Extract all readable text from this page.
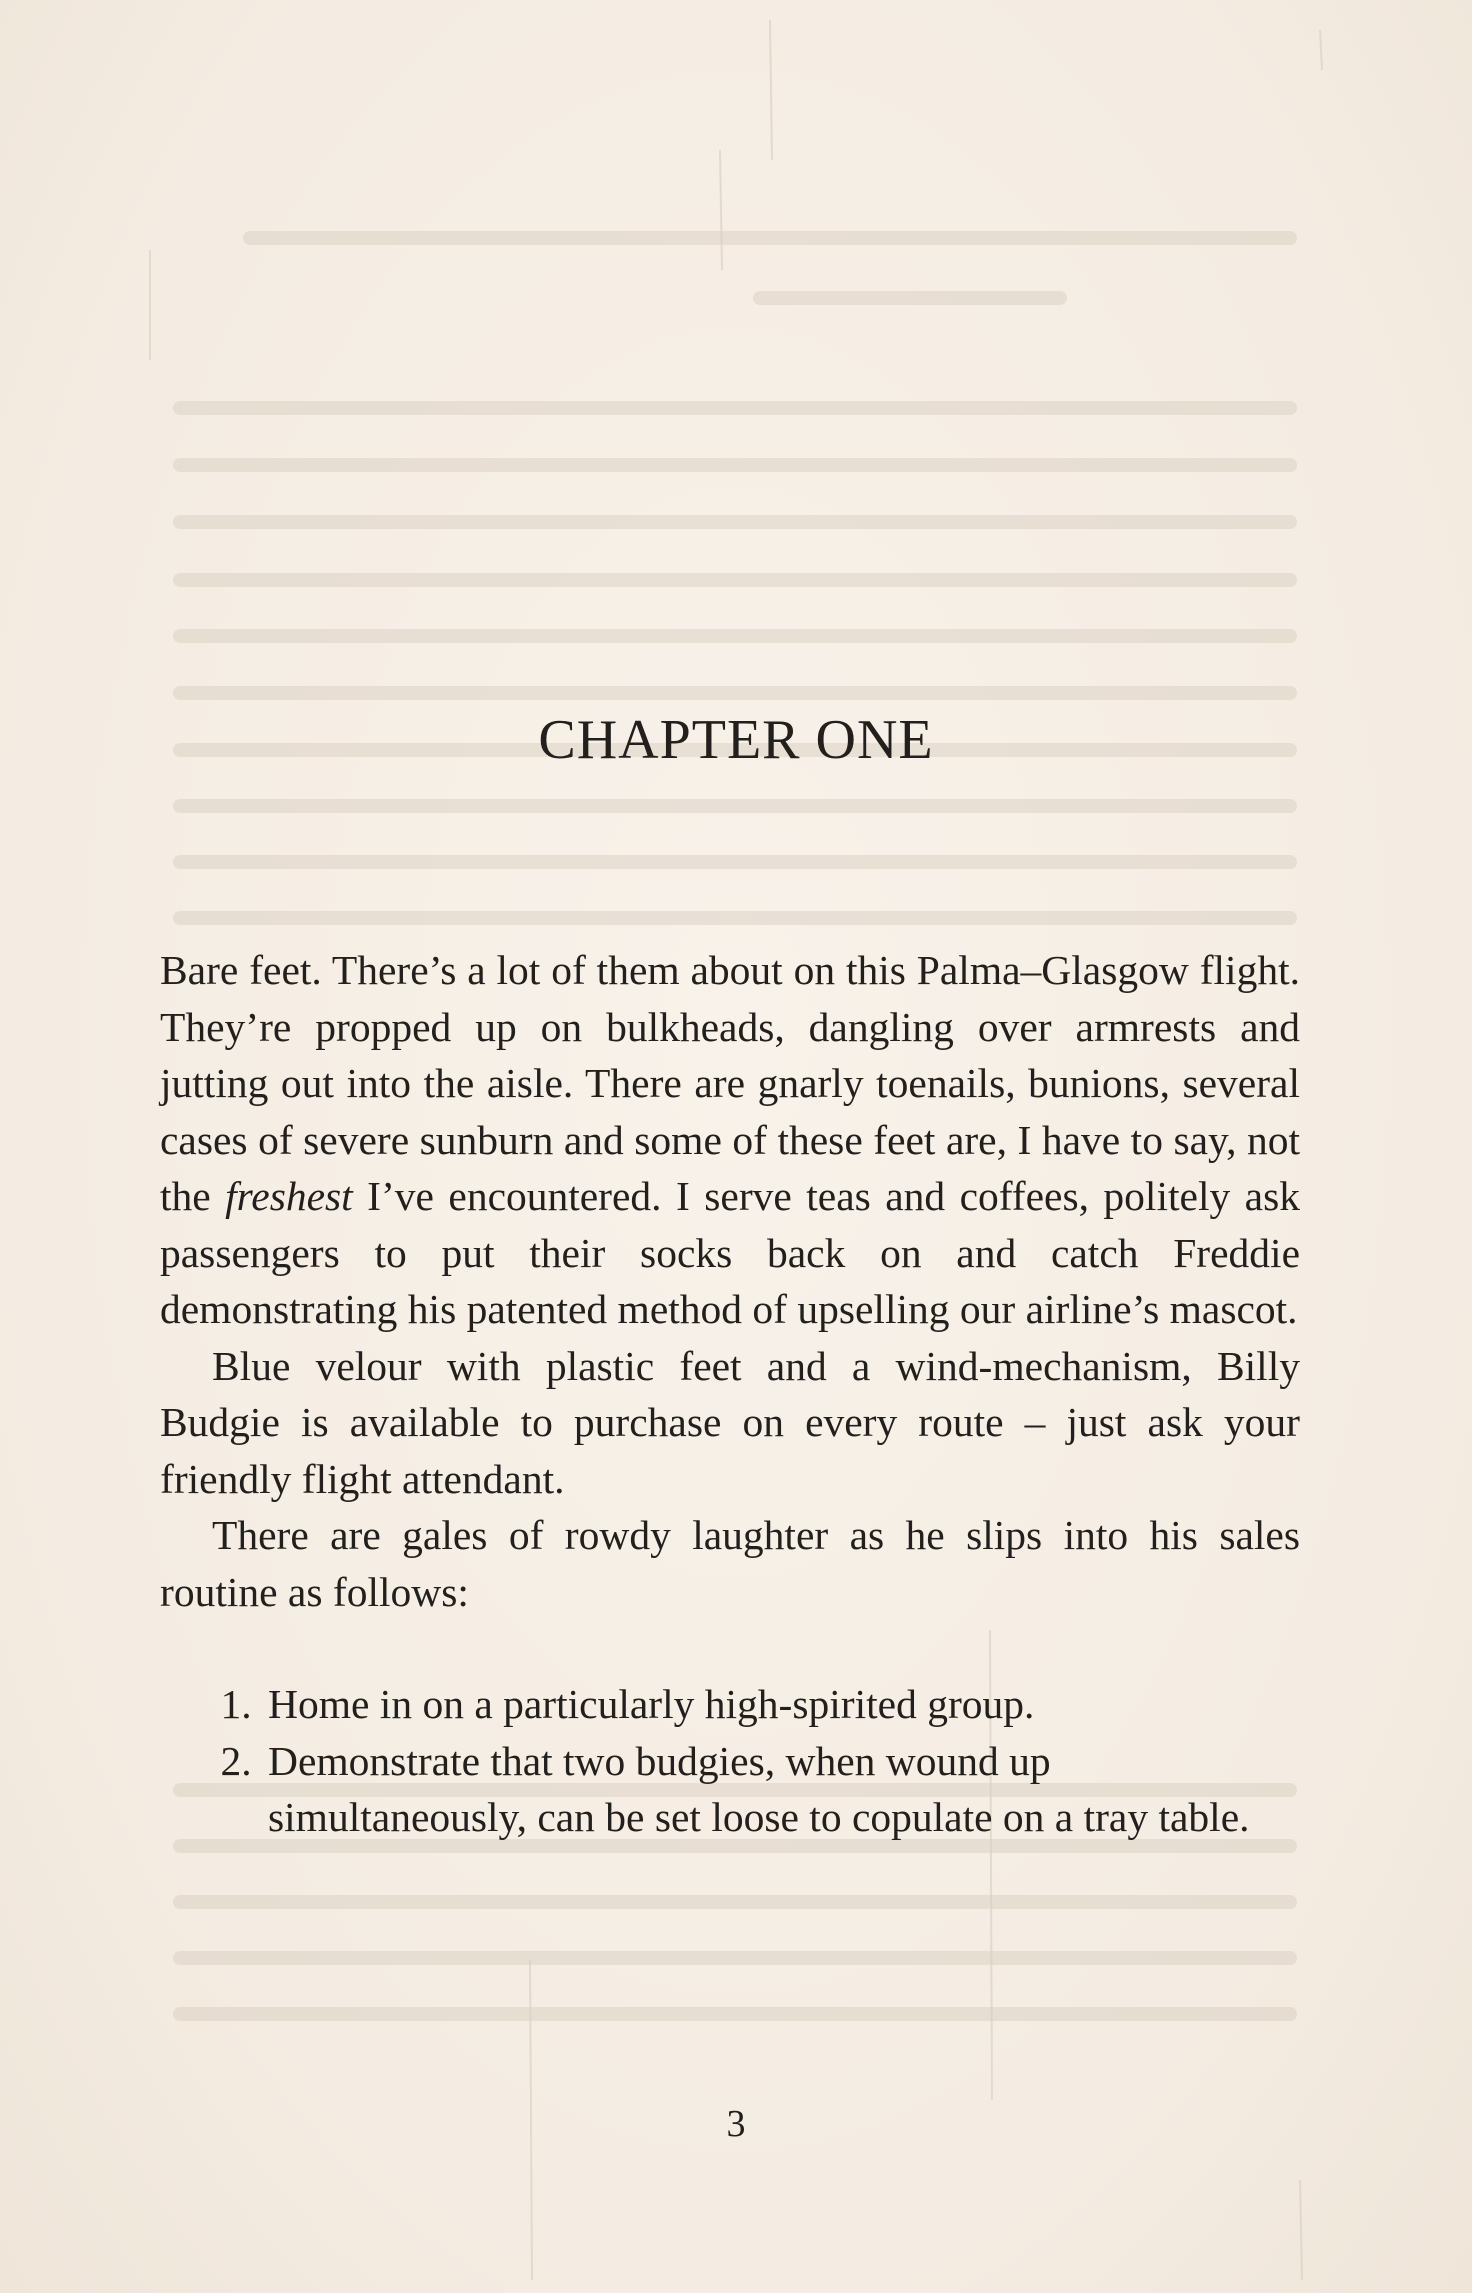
CHAPTER ONE

Bare feet. There’s a lot of them about on this Palma–Glasgow flight. They’re propped up on bulkheads, dangling over armrests and jutting out into the aisle. There are gnarly toenails, bunions, several cases of severe sunburn and some of these feet are, I have to say, not the freshest I’ve encountered. I serve teas and coffees, politely ask passengers to put their socks back on and catch Freddie demonstrating his patented method of upselling our airline’s mascot.

Blue velour with plastic feet and a wind-mechanism, Billy Budgie is available to purchase on every route – just ask your friendly flight attendant.

There are gales of rowdy laughter as he slips into his sales routine as follows:

1. Home in on a particularly high-spirited group.
2. Demonstrate that two budgies, when wound up simultaneously, can be set loose to copulate on a tray table.
3
